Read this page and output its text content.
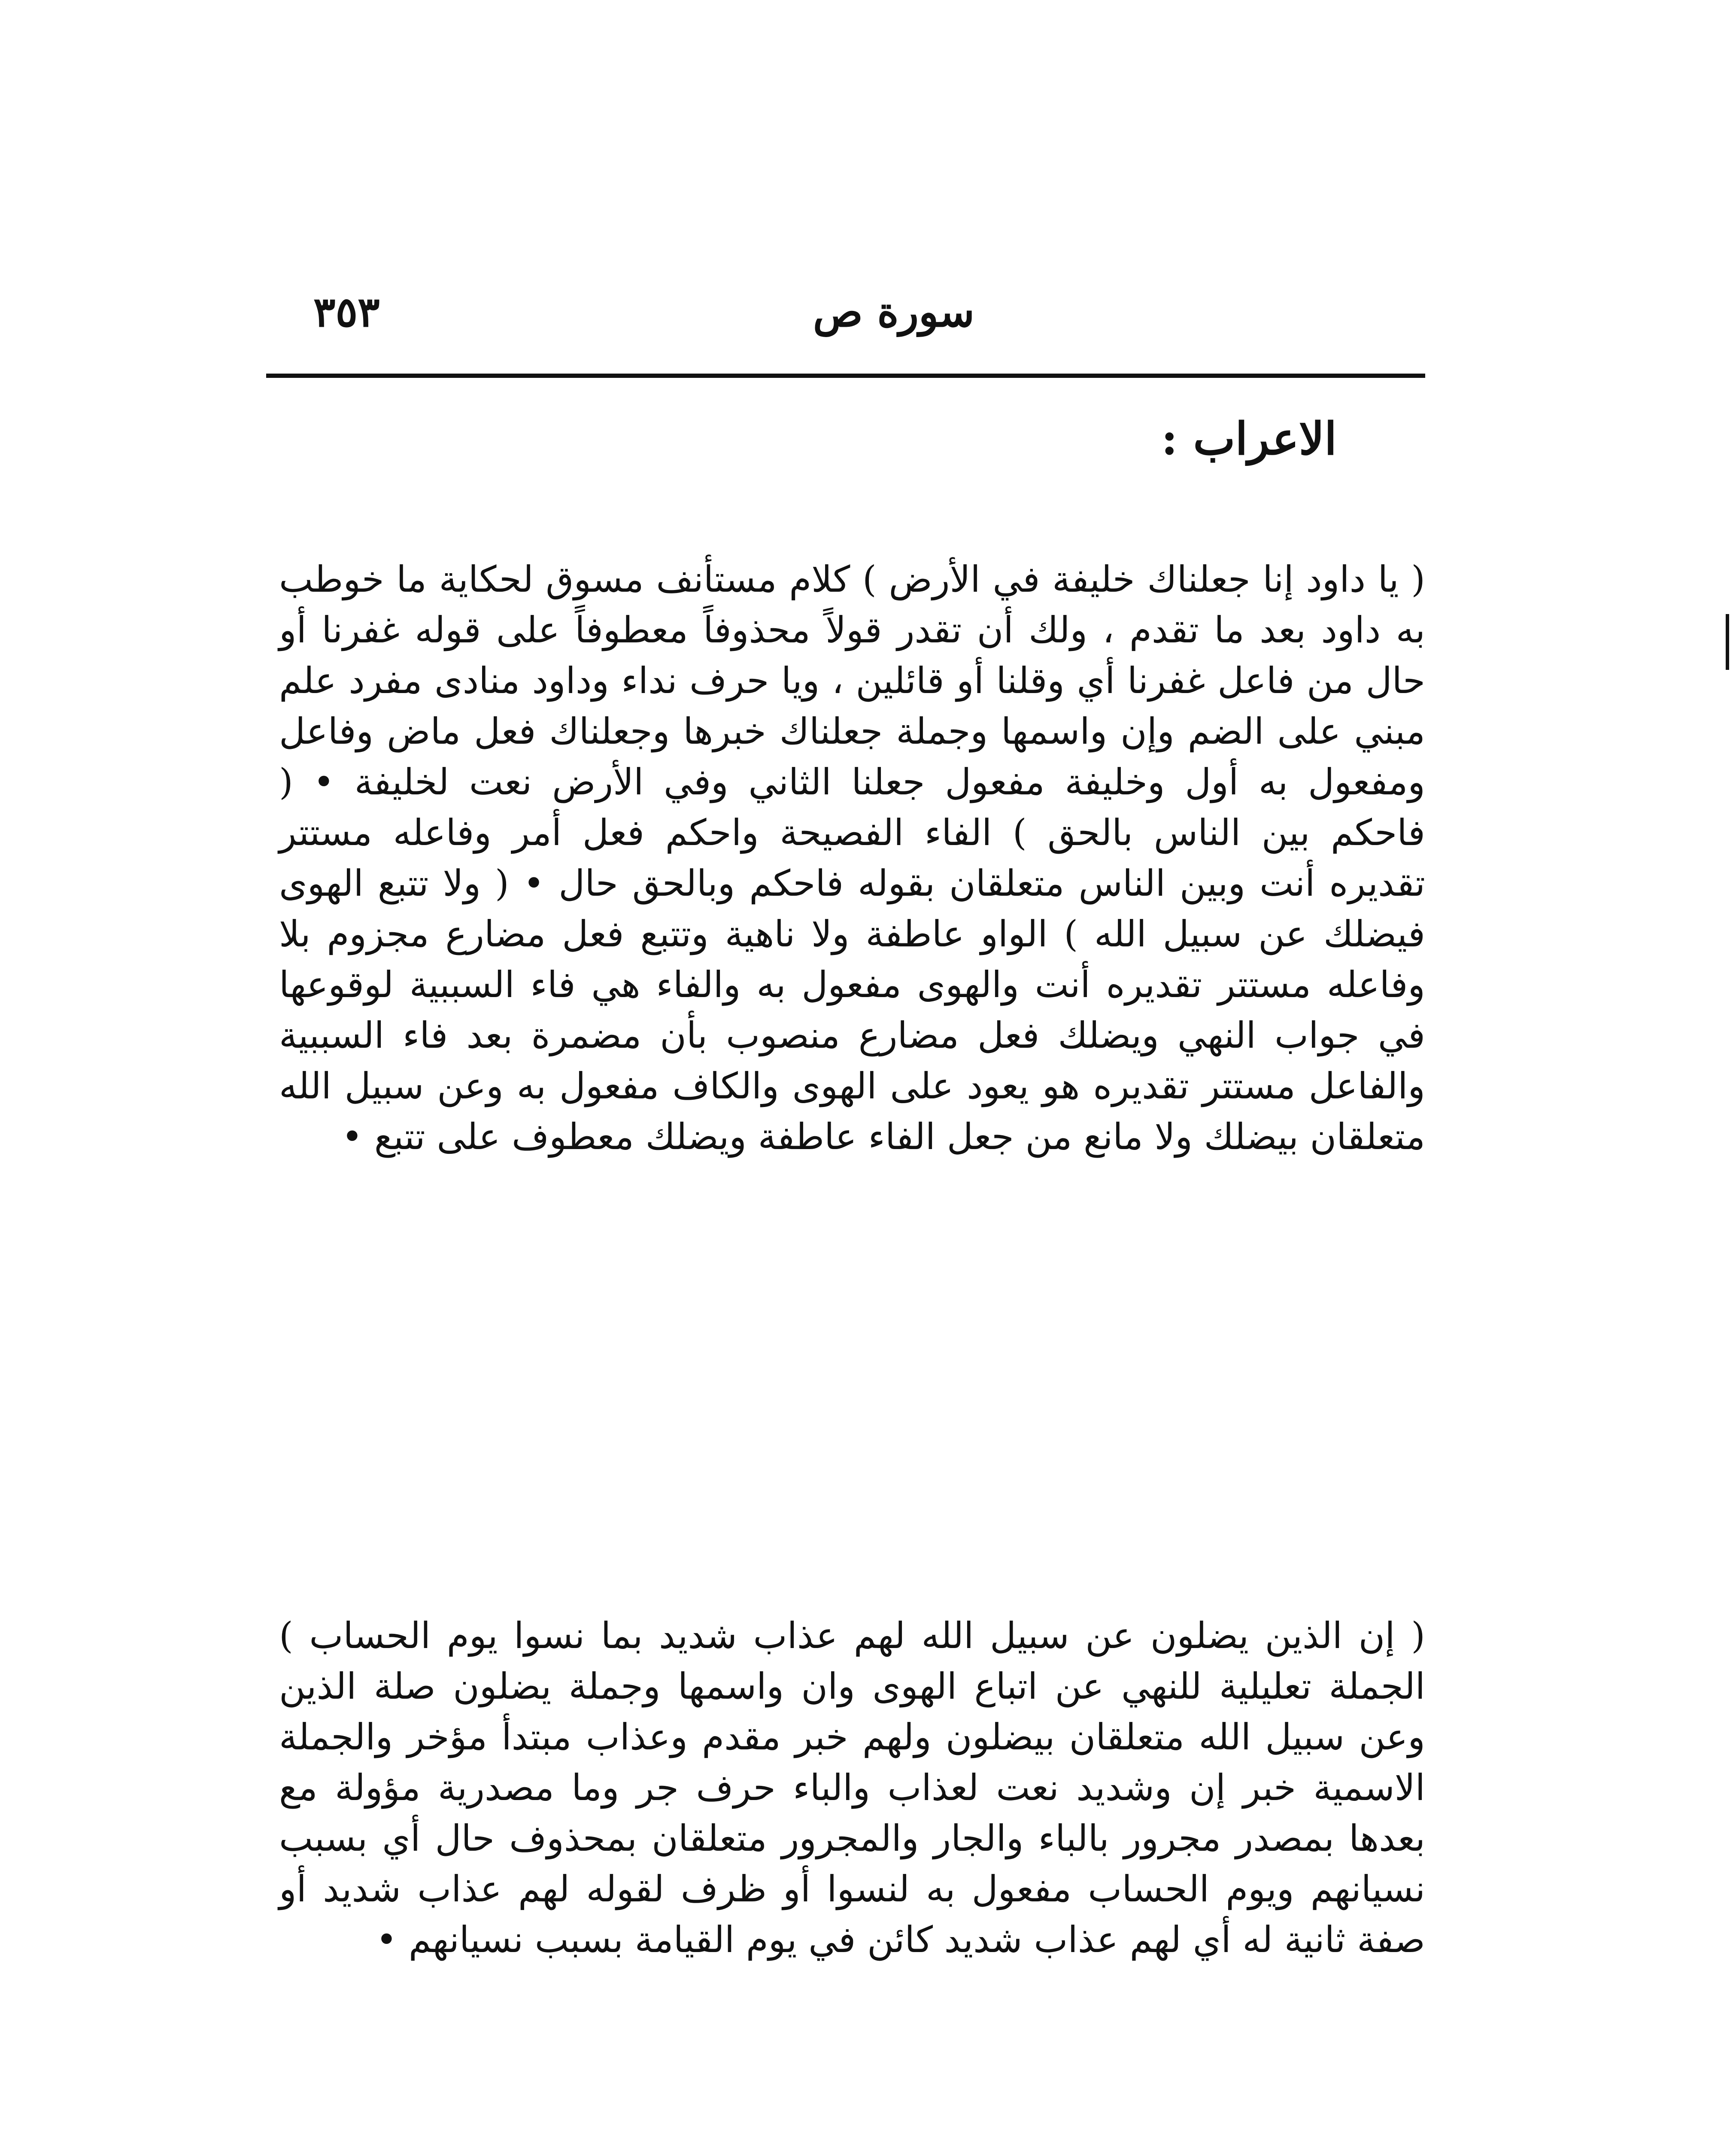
سورة ص
٣٥٣
الاعراب :

( يا داود إنا جعلناك خليفة في الأرض ) كلام مستأنف مسوق لحكاية ما خوطب به داود بعد ما تقدم ، ولك أن تقدر قولاً محذوفاً معطوفاً على قوله غفرنا أو حال من فاعل غفرنا أي وقلنا أو قائلين ، ويا حرف نداء وداود منادى مفرد علم مبني على الضم وإن واسمها وجملة جعلناك خبرها وجعلناك فعل ماض وفاعل ومفعول به أول وخليفة مفعول جعلنا الثاني وفي الأرض نعت لخليفة • ( فاحكم بين الناس بالحق ) الفاء الفصيحة واحكم فعل أمر وفاعله مستتر تقديره أنت وبين الناس متعلقان بقوله فاحكم وبالحق حال • ( ولا تتبع الهوى فيضلك عن سبيل الله ) الواو عاطفة ولا ناهية وتتبع فعل مضارع مجزوم بلا وفاعله مستتر تقديره أنت والهوى مفعول به والفاء هي فاء السببية لوقوعها في جواب النهي ويضلك فعل مضارع منصوب بأن مضمرة بعد فاء السببية والفاعل مستتر تقديره هو يعود على الهوى والكاف مفعول به وعن سبيل الله متعلقان بيضلك ولا مانع من جعل الفاء عاطفة ويضلك معطوف على تتبع •

( إن الذين يضلون عن سبيل الله لهم عذاب شديد بما نسوا يوم الحساب ) الجملة تعليلية للنهي عن اتباع الهوى وان واسمها وجملة يضلون صلة الذين وعن سبيل الله متعلقان بيضلون ولهم خبر مقدم وعذاب مبتدأ مؤخر والجملة الاسمية خبر إن وشديد نعت لعذاب والباء حرف جر وما مصدرية مؤولة مع بعدها بمصدر مجرور بالباء والجار والمجرور متعلقان بمحذوف حال أي بسبب نسيانهم ويوم الحساب مفعول به لنسوا أو ظرف لقوله لهم عذاب شديد أو صفة ثانية له أي لهم عذاب شديد كائن في يوم القيامة بسبب نسيانهم •
